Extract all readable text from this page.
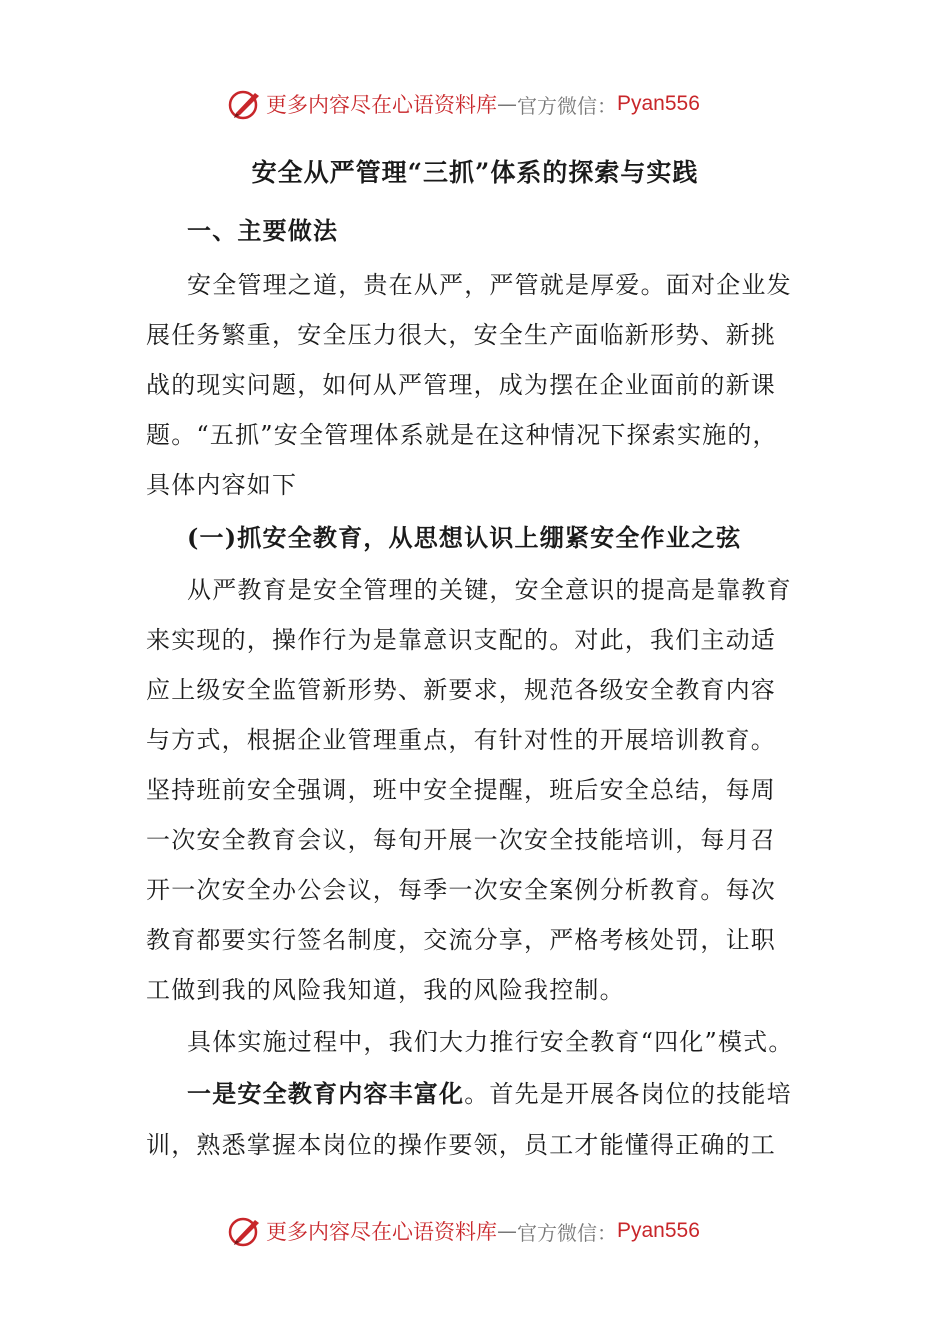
更多内容尽在心语资料库 — 官方微信： Pyan556
安全从严管理“三抓”体系的探索与实践
一、主要做法
安全管理之道，贵在从严，严管就是厚爱。面对企业发
展任务繁重，安全压力很大，安全生产面临新形势、新挑
战的现实问题，如何从严管理，成为摆在企业面前的新课
题。“五抓”安全管理体系就是在这种情况下探索实施的，
具体内容如下
(一)抓安全教育，从思想认识上绷紧安全作业之弦
从严教育是安全管理的关键，安全意识的提高是靠教育
来实现的，操作行为是靠意识支配的。对此，我们主动适
应上级安全监管新形势、新要求，规范各级安全教育内容
与方式，根据企业管理重点，有针对性的开展培训教育。
坚持班前安全强调，班中安全提醒，班后安全总结，每周
一次安全教育会议，每旬开展一次安全技能培训，每月召
开一次安全办公会议，每季一次安全案例分析教育。每次
教育都要实行签名制度，交流分享，严格考核处罚，让职
工做到我的风险我知道，我的风险我控制。
具体实施过程中，我们大力推行安全教育“四化”模式。
一是安全教育内容丰富化。首先是开展各岗位的技能培
训，熟悉掌握本岗位的操作要领，员工才能懂得正确的工
更多内容尽在心语资料库 — 官方微信： Pyan556
